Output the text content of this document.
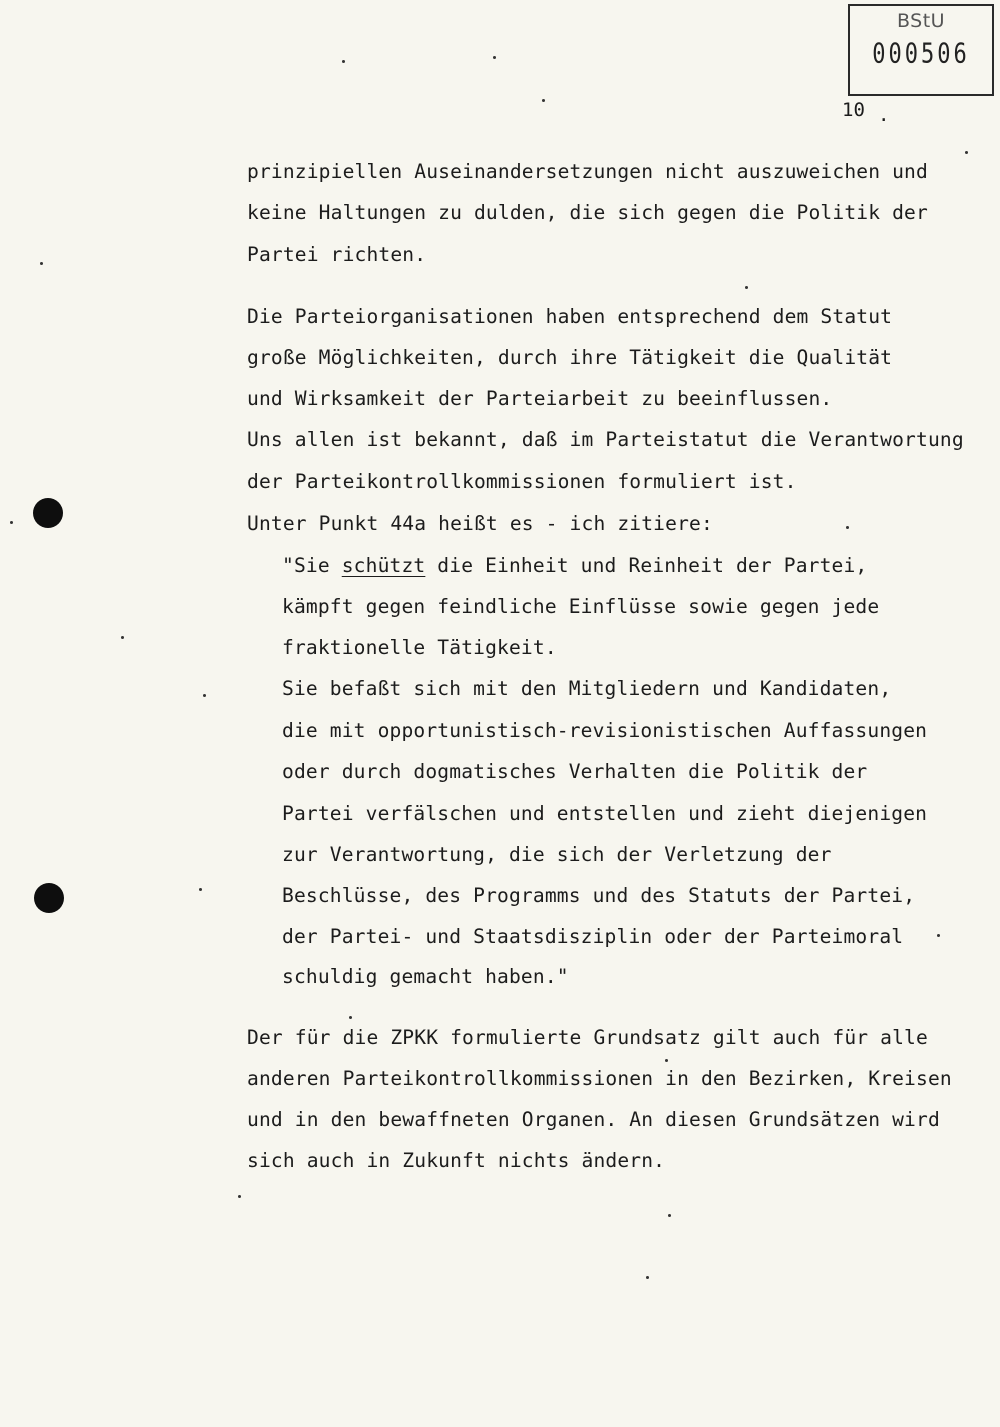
BStU
000506
10 .
prinzipiellen Auseinandersetzungen nicht auszuweichen und
keine Haltungen zu dulden, die sich gegen die Politik der
Partei richten.
Die Parteiorganisationen haben entsprechend dem Statut
große Möglichkeiten, durch ihre Tätigkeit die Qualität
und Wirksamkeit der Parteiarbeit zu beeinflussen.
Uns allen ist bekannt, daß im Parteistatut die Verantwortung
der Parteikontrollkommissionen formuliert ist.
Unter Punkt 44a heißt es - ich zitiere:
"Sie schützt die Einheit und Reinheit der Partei,
kämpft gegen feindliche Einflüsse sowie gegen jede
fraktionelle Tätigkeit.
Sie befaßt sich mit den Mitgliedern und Kandidaten,
die mit opportunistisch-revisionistischen Auffassungen
oder durch dogmatisches Verhalten die Politik der
Partei verfälschen und entstellen und zieht diejenigen
zur Verantwortung, die sich der Verletzung der
Beschlüsse, des Programms und des Statuts der Partei,
der Partei- und Staatsdisziplin oder der Parteimoral
schuldig gemacht haben."
Der für die ZPKK formulierte Grundsatz gilt auch für alle
anderen Parteikontrollkommissionen in den Bezirken, Kreisen
und in den bewaffneten Organen. An diesen Grundsätzen wird
sich auch in Zukunft nichts ändern.
